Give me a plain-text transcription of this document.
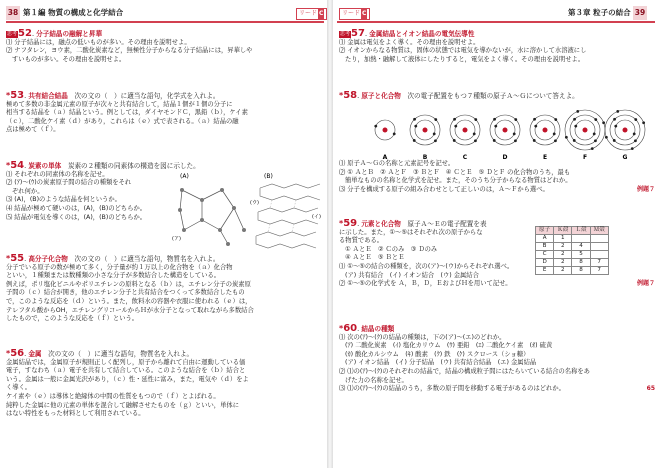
38 第１編 物質の構成と化学結合	リード C
思考52. 分子結晶の融解と昇華
⑴ 分子結晶には，融点の低いものが多い。その理由を説明せよ。
⑵ ナフタレン，ヨウ素，二酸化炭素など，無極性分子からなる分子結晶には，昇華しや
すいものが多い。その理由を説明せよ。
*53. 共有結合結晶　 次の文の（　）に適当な語句，化学式を入れよ。
極めて多数の非金属元素の原子が次々と共有結合して，結晶１個が１個の分子に
相当する結晶を（ａ）結晶という。例としては，ダイヤモンドＣ，黒鉛（ｂ），ケイ素
（ｃ），二酸化ケイ素（ｄ）があり，これらは（ｅ）式で表される。（ａ）結晶の融
点は極めて（ｆ）。
*54. 炭素の単体　 炭素の２種類の同素体の構造を図に示した。
⑴ それぞれの同素体の名称を記せ。
⑵ (ｱ)〜(ｳ)の炭素原子間の結合の種類をそれ
ぞれ何か。
⑶ (A)，(B)のような結晶を何というか。
⑷ 結晶が極めて硬いのは，(A)，(B)のどちらか。
⑸ 結晶が電気を導くのは，(A)，(B)のどちらか。
(A)	(B)
(ア)
(イ)
(ウ)
*55. 高分子化合物　 次の文の（　）に適当な語句，物質名を入れよ。
分子でいる原子の数が極めて多く，分子量が約１万以上の化合物を（ａ）化合物
といい，１種類または数種類の小さな分子が多数結合した構造をしている。
例えば，ポリ塩化ビニルやポリエチレンの原料となる（ｂ）は，エチレン分子の炭素原
子間の（ｃ）結合が開き，他のエチレン分子と共有結合をつくって多数結合したもの
で，このような反応を（ｄ）という。また，飲料水の容器や衣服に使われる（ｅ）は，
テレフタル酸からOH，エチレングリコールからＨが水分子となって取れながら多数結合
したもので，このような反応を（ｆ）という。
*56. 金属　 次の文の（　）に適当な語句，物質名を入れよ。
金属結晶では，金属原子が規則正しく配列し，原子から離れて自由に運動している価
電子，すなわち（ａ）電子を共有して結合している。このような結合を（ｂ）結合と
いう。金属は一般に金属光沢があり，（ｃ）性・延性に富み，また，電気や（ｄ）をよ
く導く。
ケイ素や（ｅ）は導体と絶縁体の中間の性質をもつので（ｆ）とよばれる。
純粋した金属に他の元素の単体を混合して融解させたものを（ｇ）といい，単体に
はない特性をもった材料として利用されている。
リード C	第３章 粒子の結合 39
思考57. 金属結晶とイオン結晶の電気伝導性
⑴ 金属は電気をよく導く。その理由を説明せよ。
⑵ イオンからなる物質は，固体の状態では電気を導かないが，水に溶かして水溶液にし
たり，加熱・融解して液体にしたりすると，電気をよく導く。その理由を説明せよ。
*58. 原子と化合物　 次の電子配置をもつ７種類の原子Ａ〜Ｇについて答えよ。
A	B	C	D	E	F	G
⑴ 原子Ａ〜Ｇの名称と元素記号を記せ。
⑵ ① ＡとＢ　② ＡとＦ　③ ＢとＦ　④ ＣとＥ　⑤ ＤとＦ の化合物のうち，最も
簡単なものの名称と化学式を記せ。また，そのうち分子からなる物質はどれか。
⑶ 分子を構成する原子の組み合わせとして正しいのは，Ａ〜Ｆから選べ。	例題７
*59. 元素と化合物　 原子Ａ〜Ｅの電子配置を表
に示した。また，①〜⑤はそれぞれ次の原子からな
る物質である。
① ＡとＥ　② Ｃのみ　③ Ｄのみ
④ ＡとＥ　⑤ ＢとＥ
⑴ ①〜⑤の結合の種類を，次の(ア)〜(ウ)からそれぞれ選べ。
(ア) 共有結合　(イ) イオン結合　(ウ) 金属結合
⑵ ①〜⑤の化学式を Ａ，Ｂ，Ｄ，ＥおよびＨを用いて記せ。	例題７
原子	Ｋ殻	Ｌ殻	Ｍ殻
A	1		
B	2	4	
C	2	5	
D	2	8	7
E	2	8	7
*60. 結晶の種類
⑴ 次の(ｱ)〜(ｸ)の結晶の種類は，下の(ア)〜(エ)のどれか。
(ｱ) 二酸化炭素　(ｲ) 塩化カリウム　(ｳ) 亜鉛　(ｴ) 二酸化ケイ素　(ｵ) 硫黄
(ｶ) 酸化カルシウム　(ｷ) 酸素　(ｸ) 鉄　(ｹ) スクロース（ショ糖）
(ア) イオン結晶　(イ) 分子結晶　(ウ) 共有結合結晶　(エ) 金属結晶
⑵ ⑴の(ｱ)〜(ｸ)のそれぞれの結晶で，結晶の構成粒子間にはたらいている結合の名称をあ
げた力の名称を記せ。
⑶ ⑴の(ｱ)〜(ｸ)の結晶のうち，多数の原子間を移動する電子があるのはどれか。	65
